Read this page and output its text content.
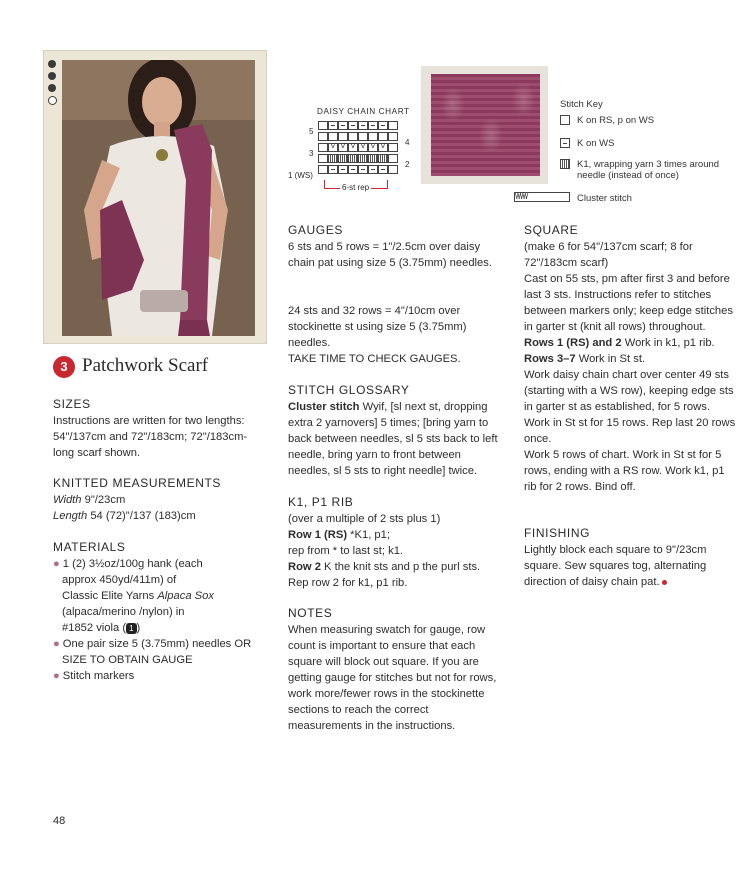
3 Patchwork Scarf
SIZES
Instructions are written for two lengths: 54"/137cm and 72"/183cm; 72"/183cm-long scarf shown.
KNITTED MEASUREMENTS
Width 9"/23cm
Length 54 (72)"/137 (183)cm
MATERIALS
● 1 (2) 3½oz/100g hank (each
approx 450yd/411m) of
Classic Elite Yarns Alpaca Sox
(alpaca/merino /nylon) in
#1852 viola ( 1 )
● One pair size 5 (3.75mm) needles OR
SIZE TO OBTAIN GAUGE
● Stitch markers
48
DAISY CHAIN CHART
V V V V V V
5
3
1 (WS)
4
2
6-st rep
Stitch Key
K on RS, p on WS
K on WS
K1, wrapping yarn 3 times around needle (instead of once)
\/\/\/\/\/	Cluster stitch
GAUGES
6 sts and 5 rows = 1"/2.5cm over daisy chain pat using size 5 (3.75mm) needles.
24 sts and 32 rows = 4"/10cm over stockinette st using size 5 (3.75mm) needles.
TAKE TIME TO CHECK GAUGES.
STITCH GLOSSARY
Cluster stitch Wyif, [sl next st, dropping extra 2 yarnovers] 5 times; [bring yarn to back between needles, sl 5 sts back to left needle, bring yarn to front between needles, sl 5 sts to right needle] twice.
K1, P1 RIB
(over a multiple of 2 sts plus 1)
Row 1 (RS) *K1, p1;
rep from * to last st; k1.
Row 2 K the knit sts and p the purl sts.
Rep row 2 for k1, p1 rib.
NOTES
When measuring swatch for gauge, row count is important to ensure that each square will block out square. If you are getting gauge for stitches but not for rows, work more/fewer rows in the stockinette sections to reach the correct measurements in the instructions.
SQUARE
(make 6 for 54"/137cm scarf; 8 for 72"/183cm scarf)
Cast on 55 sts, pm after first 3 and before last 3 sts. Instructions refer to stitches between markers only; keep edge stitches in garter st (knit all rows) throughout.
Rows 1 (RS) and 2 Work in k1, p1 rib.
Rows 3–7 Work in St st.
Work daisy chain chart over center 49 sts (starting with a WS row), keeping edge sts in garter st as established, for 5 rows. Work in St st for 15 rows. Rep last 20 rows once.
Work 5 rows of chart. Work in St st for 5 rows, ending with a RS row. Work k1, p1 rib for 2 rows. Bind off.
FINISHING
Lightly block each square to 9"/23cm square. Sew squares tog, alternating direction of daisy chain pat.
